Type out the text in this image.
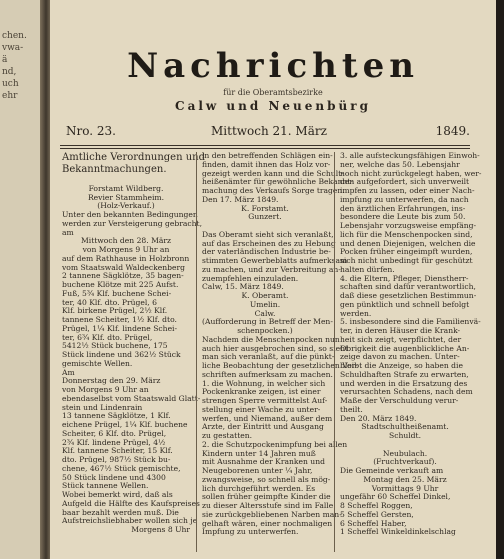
chen.
vwa-
ä
nd,
uch
ehr
Nachrichten
für die Oberamtsbezirke
Calw und Neuenbürg
Nro. 23.	Mittwoch 21. März	1849.

Amtliche Verordnungen und

Bekanntmachungen.

Forstamt Wildberg.

Revier Stammheim.

(Holz-Verkauf.)

Unter den bekannten Bedingungen

werden zur Versteigerung gebracht,

am

Mittwoch den 28. März

von Morgens 9 Uhr an

auf dem Rathhause in Holzbronn

vom Staatswald Waldeckenberg

2 tannene Sägklötze, 35 bagen-

buchene Klötze mit 225 Aufst.

Fuß, 5¾ Klf. buchene Schei-

ter, 40 Klf. dto. Prügel, 6

Klf. birkene Prügel, 2½ Klf.

tannene Scheiter, 1½ Klf. dto.

Prügel, 1¼ Klf. lindene Schei-

ter, 6¾ Klf. dto. Prügel,

5412½ Stück buchene, 175

Stück lindene und 362½ Stück

gemischte Wellen.

Am

Donnerstag den 29. März

von Morgens 9 Uhr an

ebendaselbst vom Staatswald Glatt-

stein und Lindenrain

13 tannene Sägklötze, 1 Klf.

eichene Prügel, 1¼ Klf. buchene

Scheiter, 6 Klf. dto. Prügel,

2¾ Klf. lindene Prügel, 4½

Klf. tannene Scheiter, 15 Klf.

dto. Prügel, 987½ Stück bu-

chene, 467½ Stück gemischte,

50 Stück lindene und 4300

Stück tannene Wellen.

Wobei bemerkt wird, daß als

Aufgeld die Hälfte des Kaufspreises

baar bezahlt werden muß. Die

Aufstreichsliebhaber wollen sich je

Morgens 8 Uhr

in den betreffenden Schlägen ein-

finden, damit ihnen das Holz vor-

gezeigt werden kann und die Schult-

heißenämter für gewöhnliche Bekannt-

machung des Verkaufs Sorge tragen.

Den 17. März 1849.

K. Forstamt.

Gunzert.

Das Oberamt sieht sich veranlaßt,

auf das Erscheinen des zu Hebung

der vaterländischen Industrie be-

stimmten Gewerbeblatts aufmerksam

zu machen, und zur Verbreitung an-

zuempfehlen einzuladen.

Calw, 15. März 1849.

K. Oberamt.

Umelin.

Calw.

(Aufforderung in Betreff der Men-

schenpocken.)

Nachdem die Menschenpocken nun

auch hier ausgebrochen sind, so sieht

man sich veranlaßt, auf die pünkt-

liche Beobachtung der gesetzlichen Vor-

schriften aufmerksam zu machen.

1. die Wohnung, in welcher sich

Pockenkranke zeigen, ist einer

strengen Sperre vermittelst Auf-

stellung einer Wache zu unter-

werfen, und Niemand, außer dem

Arzte, der Eintritt und Ausgang

zu gestatten.

2. die Schutzpockenimpfung bei allen

Kindern unter 14 Jahren muß

mit Ausnahme der Kranken und

Neugeborenen unter ¼ Jahr,

zwangsweise, so schnell als mög-

lich durchgeführt werden. Es

sollen früher geimpfte Kinder die

zu dieser Altersstufe sind im Falle

sie zurückgebliebenen Narben man-

gelhaft wären, einer nochmaligen

Impfung zu unterwerfen.

3. alle aufsteckungsfähigen Einwoh-

ner, welche das 50. Lebensjahr

noch nicht zurückgelegt haben, wer-

den aufgefordert, sich unverweilt

impfen zu lassen, oder einer Nach-

impfung zu unterwerfen, da nach

den ärztlichen Erfahrungen, ins-

besondere die Leute bis zum 50.

Lebensjahr vorzugsweise empfäng-

lich für die Menschenpocken sind,

und denen Diejenigen, welchen die

Pocken früher eingeimpft wurden,

sich nicht unbedingt für geschützt

halten dürfen.

4. die Eltern, Pfleger, Dienstherr-

schaften sind dafür verantwortlich,

daß diese gesetzlichen Bestimmun-

gen pünktlich und schnell befolgt

werden.

5. insbesondere sind die Familienvä-

ter, in deren Häuser die Krank-

heit sich zeigt, verpflichtet, der

Obrigkeit die augenblickliche An-

zeige davon zu machen. Unter-

bleibt die Anzeige, so haben die

Schuldhaften Strafe zu erwarten,

und werden in die Ersatzung des

verursachten Schadens, nach dem

Maße der Verschuldung verur-

theilt.

Den 20. März 1849.

Stadtschultheißenamt.

Schuldt.

Neubulach.

(Fruchtverkauf).

Die Gemeinde verkauft am

Montag den 25. März

Vormittags 9 Uhr

ungefähr 60 Scheffel Dinkel,

8 Scheffel Roggen,

5 Scheffel Gersten,

6 Scheffel Haber,

1 Scheffel Winkeldinkelschlag
